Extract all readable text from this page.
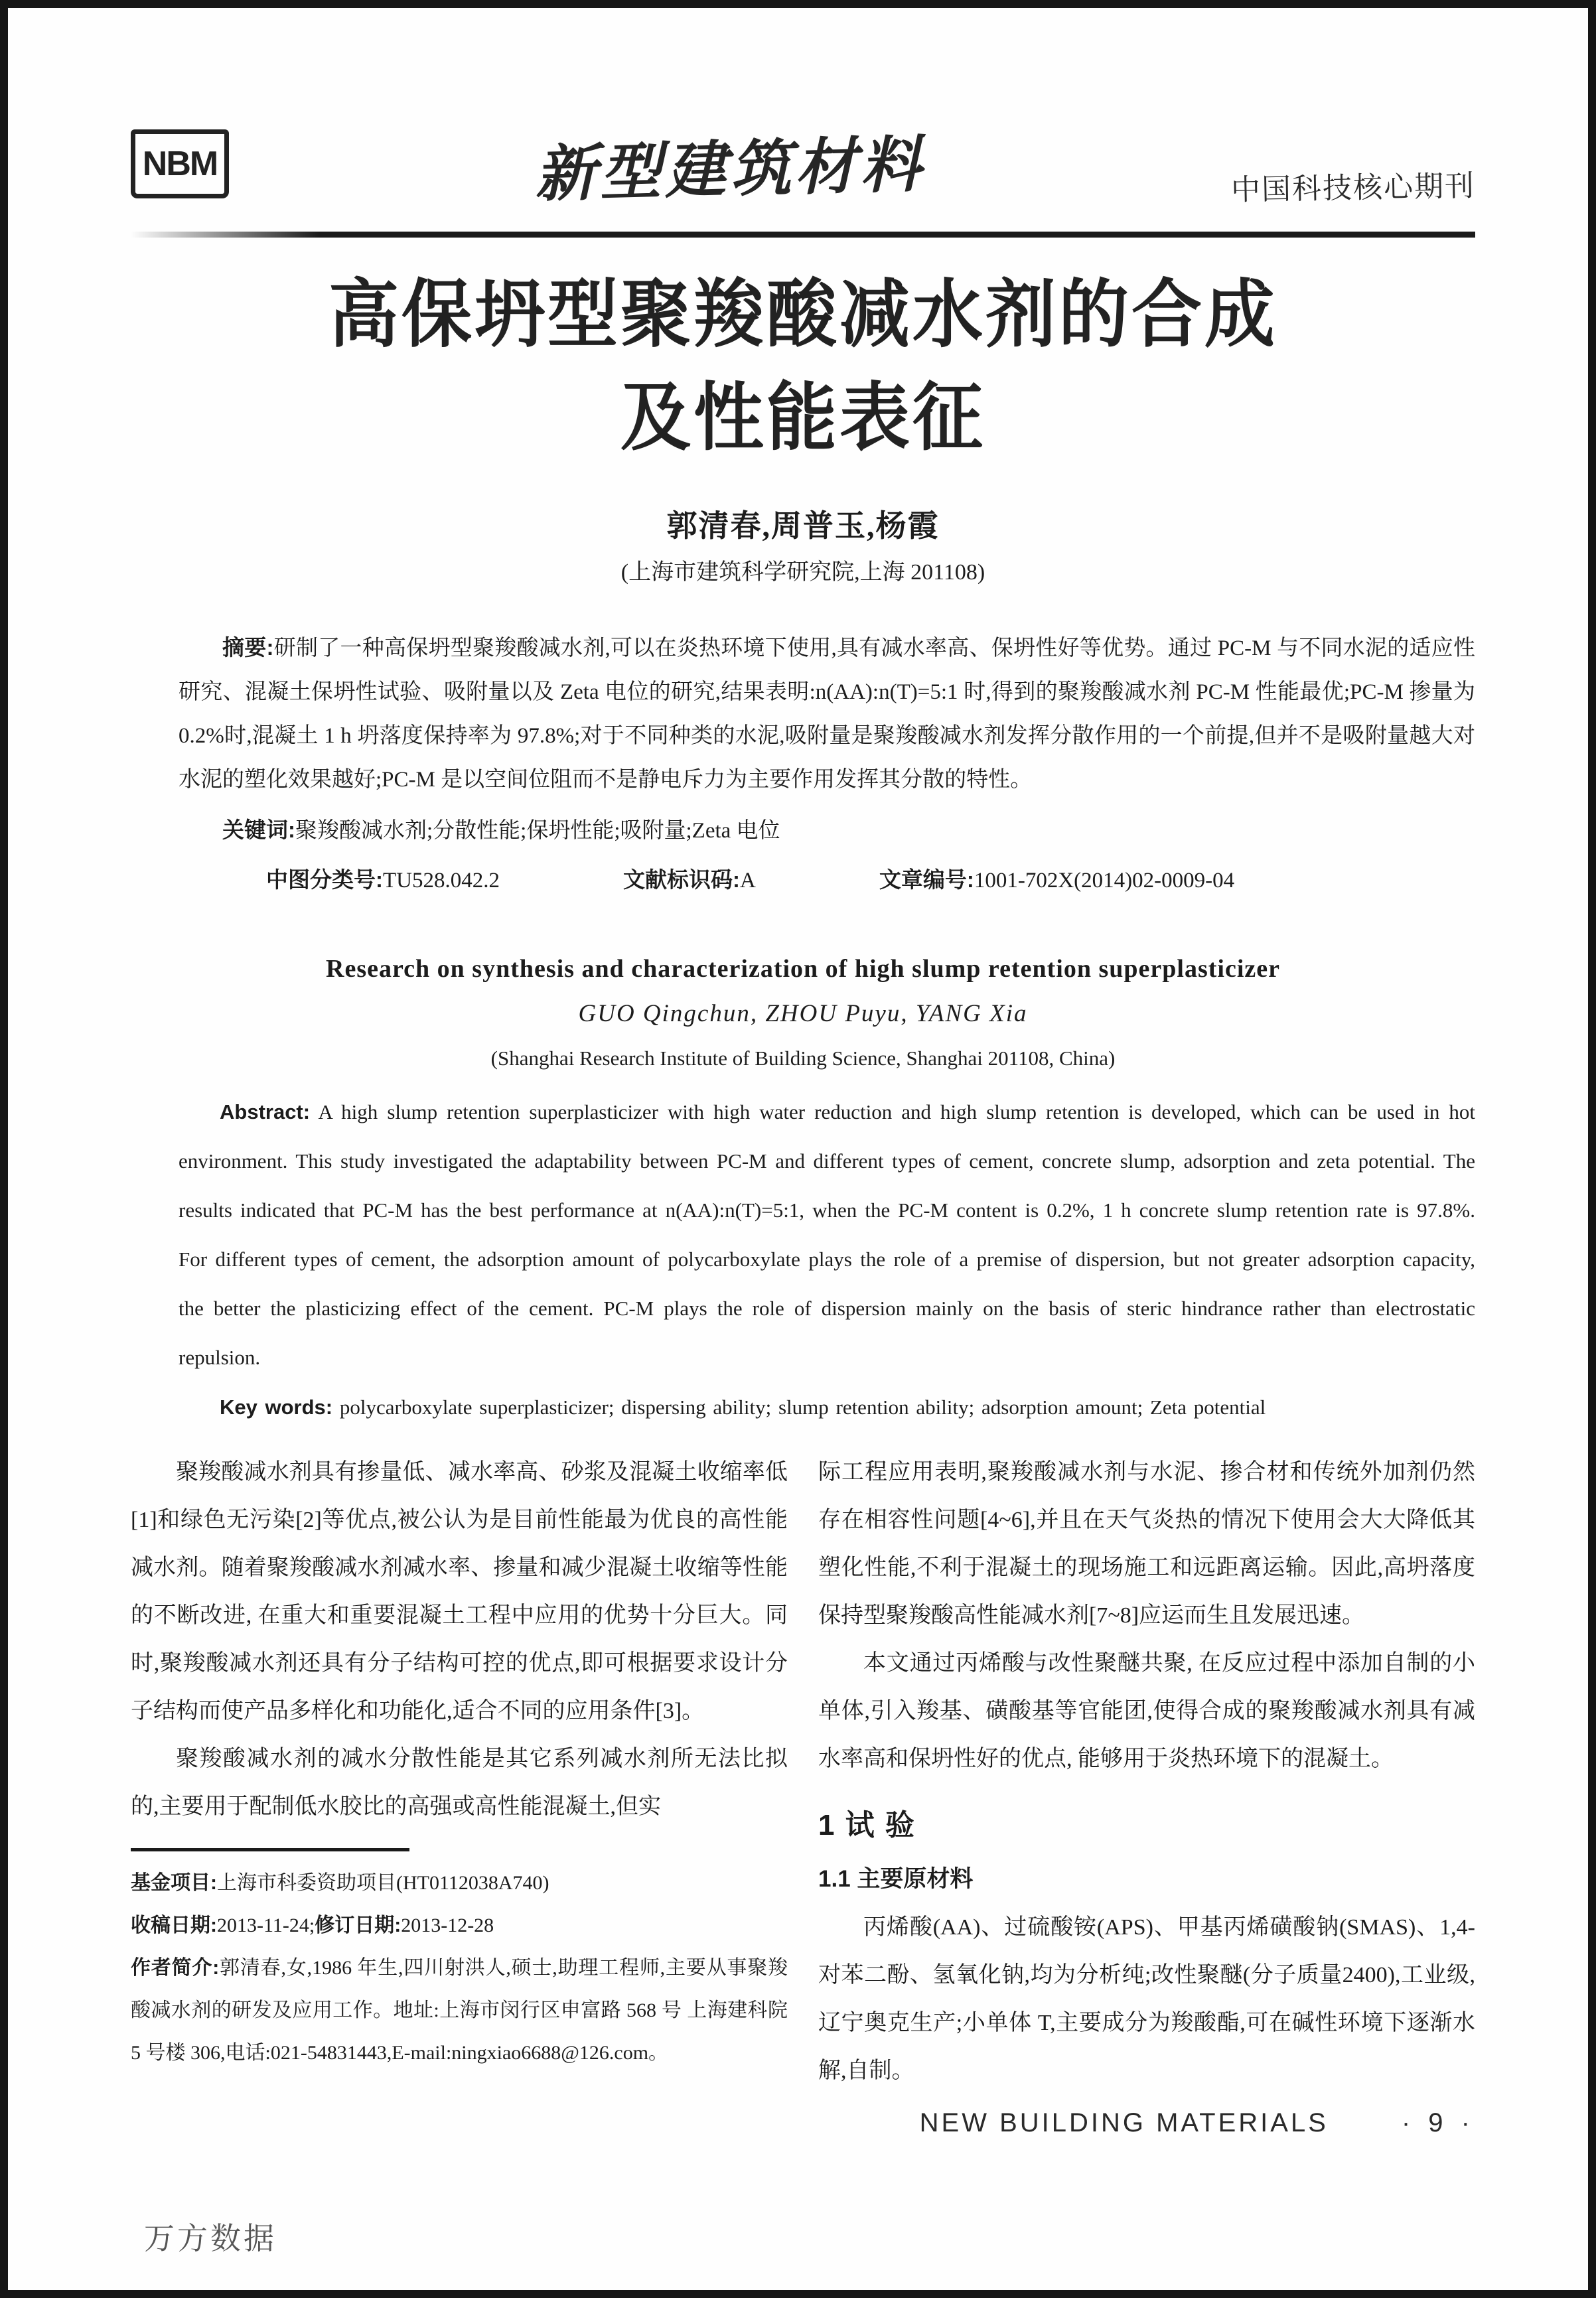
NBM	新型建筑材料	中国科技核心期刊
高保坍型聚羧酸减水剂的合成
及性能表征
郭清春,周普玉,杨霞
(上海市建筑科学研究院,上海 201108)

摘要:研制了一种高保坍型聚羧酸减水剂,可以在炎热环境下使用,具有减水率高、保坍性好等优势。通过 PC-M 与不同水泥的适应性研究、混凝土保坍性试验、吸附量以及 Zeta 电位的研究,结果表明:n(AA):n(T)=5:1 时,得到的聚羧酸减水剂 PC-M 性能最优;PC-M 掺量为 0.2%时,混凝土 1 h 坍落度保持率为 97.8%;对于不同种类的水泥,吸附量是聚羧酸减水剂发挥分散作用的一个前提,但并不是吸附量越大对水泥的塑化效果越好;PC-M 是以空间位阻而不是静电斥力为主要作用发挥其分散的特性。

关键词:聚羧酸减水剂;分散性能;保坍性能;吸附量;Zeta 电位
中图分类号:TU528.042.2	文献标识码:A	文章编号:1001-702X(2014)02-0009-04
Research on synthesis and characterization of high slump retention superplasticizer
GUO Qingchun, ZHOU Puyu, YANG Xia
(Shanghai Research Institute of Building Science, Shanghai 201108, China)

Abstract: A high slump retention superplasticizer with high water reduction and high slump retention is developed, which can be used in hot environment. This study investigated the adaptability between PC-M and different types of cement, concrete slump, adsorption and zeta potential. The results indicated that PC-M has the best performance at n(AA):n(T)=5:1, when the PC-M content is 0.2%, 1 h concrete slump retention rate is 97.8%. For different types of cement, the adsorption amount of polycarboxylate plays the role of a premise of dispersion, but not greater adsorption capacity, the better the plasticizing effect of the cement. PC-M plays the role of dispersion mainly on the basis of steric hindrance rather than electrostatic repulsion.

Key words: polycarboxylate superplasticizer; dispersing ability; slump retention ability; adsorption amount; Zeta potential

聚羧酸减水剂具有掺量低、减水率高、砂浆及混凝土收缩率低[1]和绿色无污染[2]等优点,被公认为是目前性能最为优良的高性能减水剂。随着聚羧酸减水剂减水率、掺量和减少混凝土收缩等性能的不断改进, 在重大和重要混凝土工程中应用的优势十分巨大。同时,聚羧酸减水剂还具有分子结构可控的优点,即可根据要求设计分子结构而使产品多样化和功能化,适合不同的应用条件[3]。

聚羧酸减水剂的减水分散性能是其它系列减水剂所无法比拟的,主要用于配制低水胶比的高强或高性能混凝土,但实

基金项目:上海市科委资助项目(HT0112038A740)
收稿日期:2013-11-24;修订日期:2013-12-28
作者简介:郭清春,女,1986 年生,四川射洪人,硕士,助理工程师,主要从事聚羧酸减水剂的研发及应用工作。地址:上海市闵行区申富路 568 号 上海建科院 5 号楼 306,电话:021-54831443,E-mail:ningxiao6688@126.com。

际工程应用表明,聚羧酸减水剂与水泥、掺合材和传统外加剂仍然存在相容性问题[4~6],并且在天气炎热的情况下使用会大大降低其塑化性能,不利于混凝土的现场施工和远距离运输。因此,高坍落度保持型聚羧酸高性能减水剂[7~8]应运而生且发展迅速。

本文通过丙烯酸与改性聚醚共聚, 在反应过程中添加自制的小单体,引入羧基、磺酸基等官能团,使得合成的聚羧酸减水剂具有减水率高和保坍性好的优点, 能够用于炎热环境下的混凝土。

1 试 验
1.1 主要原材料

丙烯酸(AA)、过硫酸铵(APS)、甲基丙烯磺酸钠(SMAS)、1,4-对苯二酚、氢氧化钠,均为分析纯;改性聚醚(分子质量2400),工业级,辽宁奥克生产;小单体 T,主要成分为羧酸酯,可在碱性环境下逐渐水解,自制。

NEW BUILDING MATERIALS	· 9 ·
万方数据
